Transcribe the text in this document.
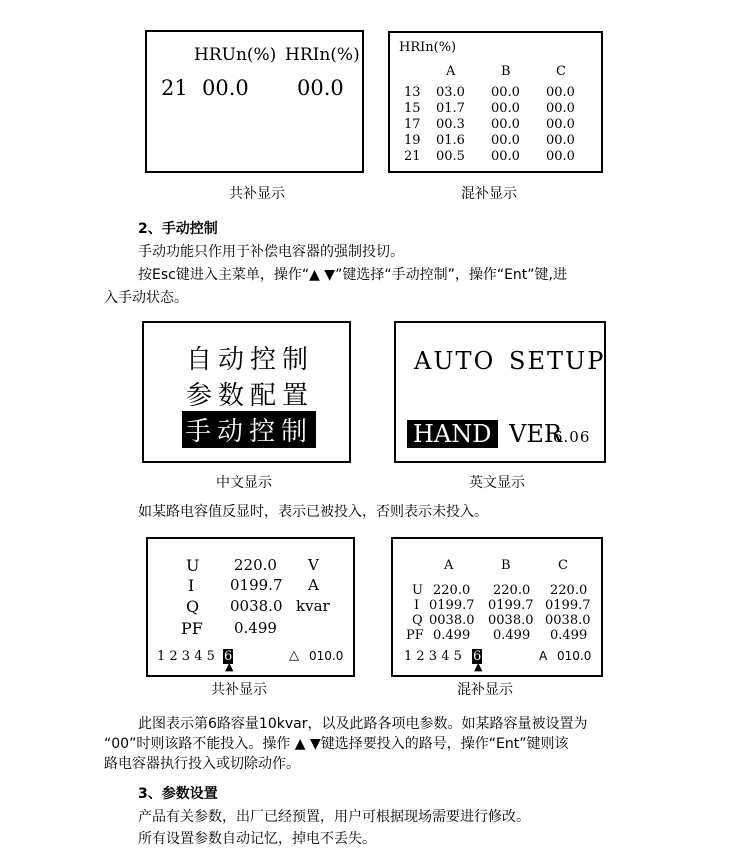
HRUn(%) HRIn(%)
21 00.0 00.0
共补显示
HRIn(%)
A	B	C
13 03.0 00.0 00.0
15 01.7 00.0 00.0
17 00.3 00.0 00.0
19 01.6 00.0 00.0
21 00.5 00.0 00.0
混补显示
2、手动控制
手动功能只作用于补偿电容器的强制投切。
按Esc键进入主菜单，操作“▲ ▼”键选择“手动控制”，操作“Ent”键,进
入手动状态。
自动控制
参数配置
手动控制
中文显示
AUTO SETUP
HAND VER
6.06
英文显示
如某路电容值反显时，表示已被投入，否则表示未投入。
U 220.0 V
I 0199.7 A
Q 0038.0 kvar
PF 0.499
1 2 3 4 5 6
▲
△ 010.0
共补显示
A	B	C
U 220.0 220.0 220.0
I 0199.7 0199.7 0199.7
Q 0038.0 0038.0 0038.0
PF 0.499 0.499 0.499
1 2 3 4 5 6
▲
A 010.0
混补显示
此图表示第6路容量10kvar，以及此路各项电参数。如某路容量被设置为
“00”时则该路不能投入。操作 ▲ ▼键选择要投入的路号，操作“Ent”键则该
路电容器执行投入或切除动作。
3、参数设置
产品有关参数，出厂已经预置，用户可根据现场需要进行修改。
所有设置参数自动记忆，掉电不丢失。
